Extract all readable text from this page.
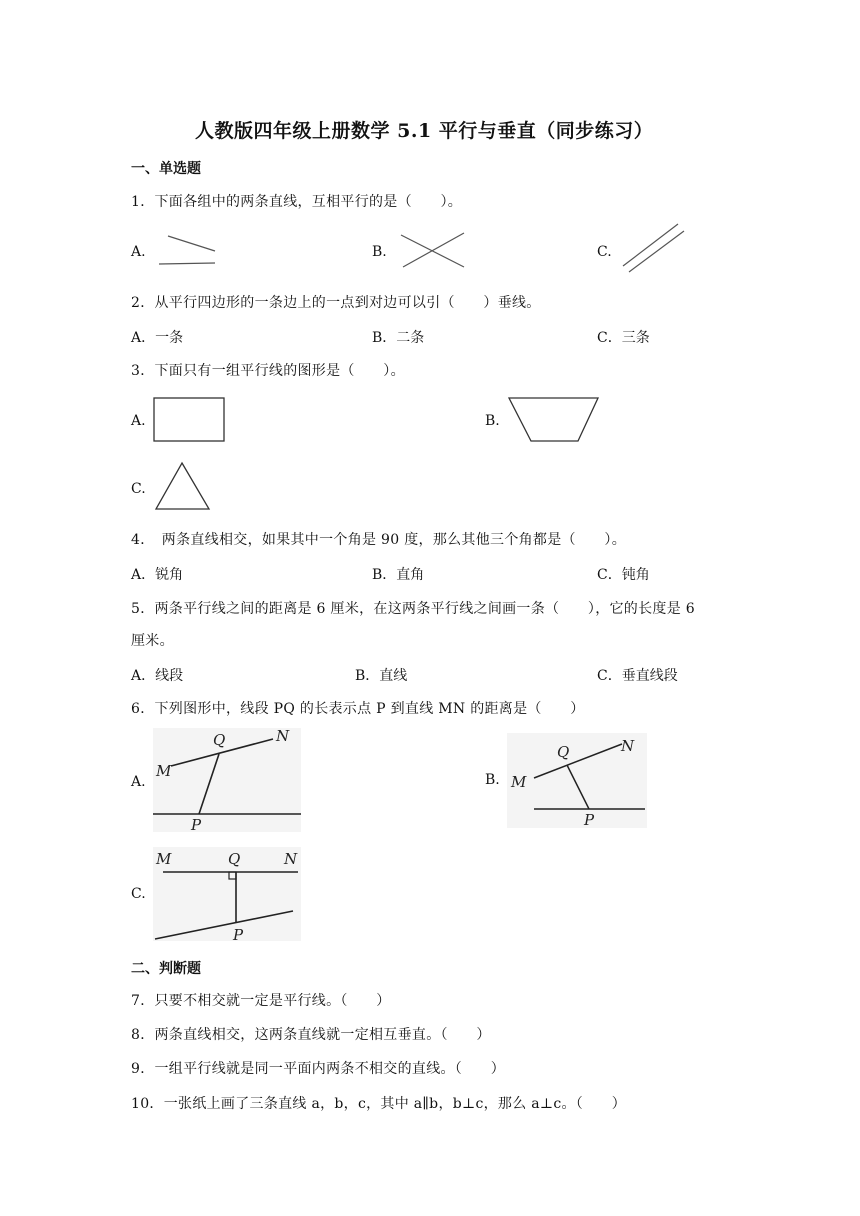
人教版四年级上册数学 5.1 平行与垂直（同步练习）
一、单选题
1．下面各组中的两条直线，互相平行的是（　　）。
A.	B.	C.
2．从平行四边形的一条边上的一点到对边可以引（　　）垂线。
A．一条	B．二条	C．三条
3．下面只有一组平行线的图形是（　　）。
A.	B.
C.
4．　两条直线相交，如果其中一个角是 90 度，那么其他三个角都是（　　）。
A．锐角	B．直角	C．钝角
5．两条平行线之间的距离是 6 厘米，在这两条平行线之间画一条（　　），它的长度是 6
厘米。
A．线段	B．直线	C．垂直线段
6．下列图形中，线段 PQ 的长表示点 P 到直线 MN 的距离是（　　）
A.
M
Q	N
P
B. M
Q	N
P
C.
M	Q	N
P
二、判断题
7．只要不相交就一定是平行线。（　　）
8．两条直线相交，这两条直线就一定相互垂直。（　　）
9．一组平行线就是同一平面内两条不相交的直线。（　　）
10．一张纸上画了三条直线 a，b，c，其中 a∥b，b⊥c，那么 a⊥c。（　　）
